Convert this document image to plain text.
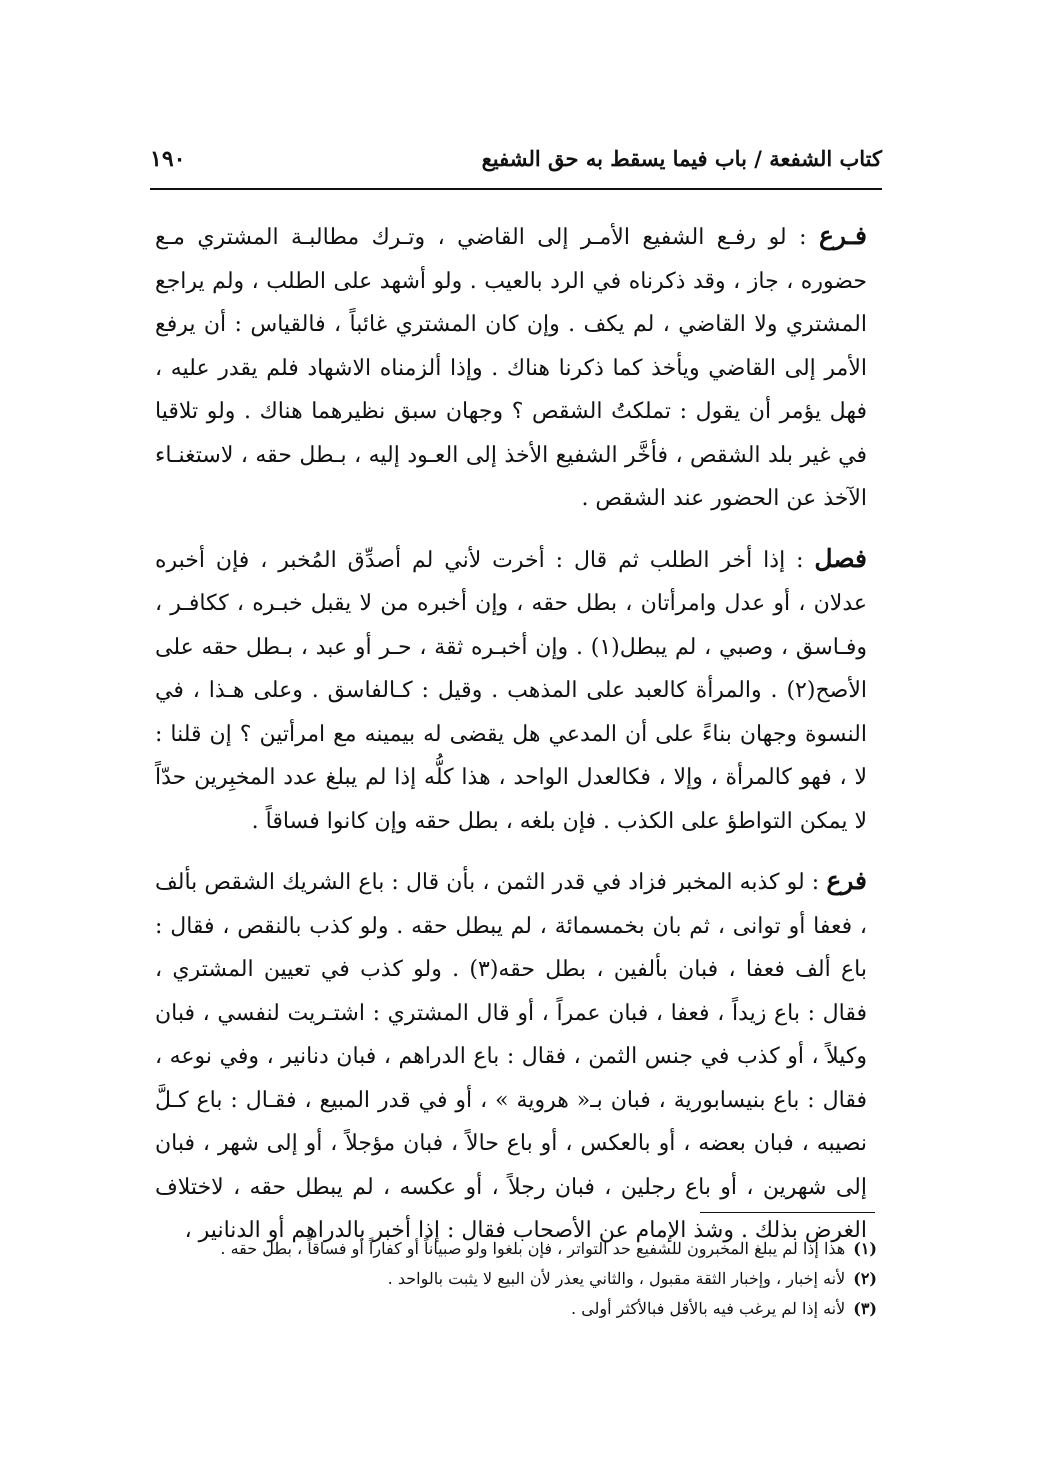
كتاب الشفعة / باب فيما يسقط به حق الشفيع
١٩٠

فـرع : لو رفـع الشفيع الأمـر إلى القاضي ، وتـرك مطالبـة المشتري مـع حضوره ، جاز ، وقد ذكرناه في الرد بالعيب . ولو أشهد على الطلب ، ولم يراجع المشتري ولا القاضي ، لم يكف . وإن كان المشتري غائباً ، فالقياس : أن يرفع الأمر إلى القاضي ويأخذ كما ذكرنا هناك . وإذا ألزمناه الاشهاد فلم يقدر عليه ، فهل يؤمر أن يقول : تملكتُ الشقص ؟ وجهان سبق نظيرهما هناك . ولو تلاقيا في غير بلد الشقص ، فأخَّر الشفيع الأخذ إلى العـود إليه ، بـطل حقه ، لاستغنـاء الآخذ عن الحضور عند الشقص .

فصل : إذا أخر الطلب ثم قال : أخرت لأني لم أصدِّق المُخبر ، فإن أخبره عدلان ، أو عدل وامرأتان ، بطل حقه ، وإن أخبره من لا يقبل خبـره ، ككافـر ، وفـاسق ، وصبي ، لم يبطل(١) . وإن أخبـره ثقة ، حـر أو عبد ، بـطل حقه على الأصح(٢) . والمرأة كالعبد على المذهب . وقيل : كـالفاسق . وعلى هـذا ، في النسوة وجهان بناءً على أن المدعي هل يقضى له بيمينه مع امرأتين ؟ إن قلنا : لا ، فهو كالمرأة ، وإلا ، فكالعدل الواحد ، هذا كلُّه إذا لم يبلغ عدد المخبِرين حدّاً لا يمكن التواطؤ على الكذب . فإن بلغه ، بطل حقه وإن كانوا فساقاً .

فرع : لو كذبه المخبر فزاد في قدر الثمن ، بأن قال : باع الشريك الشقص بألف ، فعفا أو توانى ، ثم بان بخمسمائة ، لم يبطل حقه . ولو كذب بالنقص ، فقال : باع ألف فعفا ، فبان بألفين ، بطل حقه(٣) . ولو كذب في تعيين المشتري ، فقال : باع زيداً ، فعفا ، فبان عمراً ، أو قال المشتري : اشتـريت لنفسي ، فبان وكيلاً ، أو كذب في جنس الثمن ، فقال : باع الدراهم ، فبان دنانير ، وفي نوعه ، فقال : باع بنيسابورية ، فبان بـ« هروية » ، أو في قدر المبيع ، فقـال : باع كـلَّ نصيبه ، فبان بعضه ، أو بالعكس ، أو باع حالاً ، فبان مؤجلاً ، أو إلى شهر ، فبان إلى شهرين ، أو باع رجلين ، فبان رجلاً ، أو عكسه ، لم يبطل حقه ، لاختلاف الغرض بذلك . وشذ الإمام عن الأصحاب فقال : إذا أخبر بالدراهم أو الدنانير ،

(١)هذا إذا لم يبلغ المخبرون للشفيع حد التواتر ، فإن بلغوا ولو صبياناً أو كفاراً أو فساقاً ، بطل حقه .
(٢)لأنه إخبار ، وإخبار الثقة مقبول ، والثاني يعذر لأن البيع لا يثبت بالواحد .
(٣)لأنه إذا لم يرغب فيه بالأقل فبالأكثر أولى .
